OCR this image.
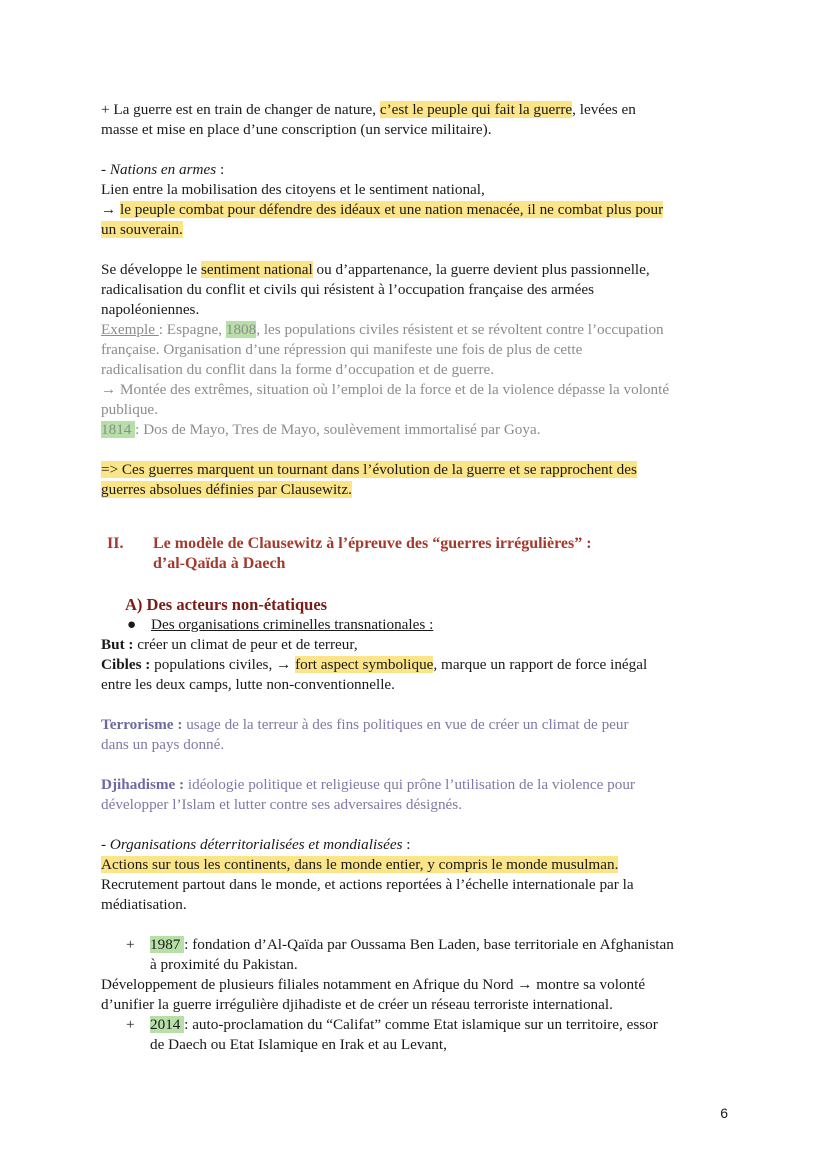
+ La guerre est en train de changer de nature, c’est le peuple qui fait la guerre, levées en

masse et mise en place d’une conscription (un service militaire).

- Nations en armes :

Lien entre la mobilisation des citoyens et le sentiment national,

→ le peuple combat pour défendre des idéaux et une nation menacée, il ne combat plus pour

un souverain.

Se développe le sentiment national ou d’appartenance, la guerre devient plus passionnelle,

radicalisation du conflit et civils qui résistent à l’occupation française des armées

napoléoniennes.

Exemple : Espagne, 1808, les populations civiles résistent et se révoltent contre l’occupation

française. Organisation d’une répression qui manifeste une fois de plus de cette

radicalisation du conflit dans la forme d’occupation et de guerre.

→ Montée des extrêmes, situation où l’emploi de la force et de la violence dépasse la volonté

publique.

1814 : Dos de Mayo, Tres de Mayo, soulèvement immortalisé par Goya.

=> Ces guerres marquent un tournant dans l’évolution de la guerre et se rapprochent des

guerres absolues définies par Clausewitz.

II.	Le modèle de Clausewitz à l’épreuve des “guerres irrégulières” :
d’al-Qaïda à Daech

A) Des acteurs non-étatiques

● Des organisations criminelles transnationales :

But : créer un climat de peur et de terreur,

Cibles : populations civiles, → fort aspect symbolique, marque un rapport de force inégal

entre les deux camps, lutte non-conventionnelle.

Terrorisme : usage de la terreur à des fins politiques en vue de créer un climat de peur

dans un pays donné.

Djihadisme : idéologie politique et religieuse qui prône l’utilisation de la violence pour

développer l’Islam et lutter contre ses adversaires désignés.

- Organisations déterritorialisées et mondialisées :

Actions sur tous les continents, dans le monde entier, y compris le monde musulman.

Recrutement partout dans le monde, et actions reportées à l’échelle internationale par la

médiatisation.

+	1987 : fondation d’Al-Qaïda par Oussama Ben Laden, base territoriale en Afghanistan

à proximité du Pakistan.

Développement de plusieurs filiales notamment en Afrique du Nord → montre sa volonté

d’unifier la guerre irrégulière djihadiste et de créer un réseau terroriste international.

+	2014 : auto-proclamation du “Califat” comme Etat islamique sur un territoire, essor

de Daech ou Etat Islamique en Irak et au Levant,

6
